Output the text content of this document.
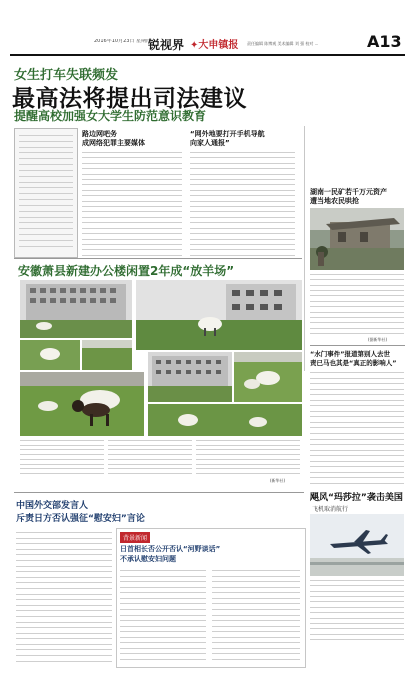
2016年10月23日 星期四
锐视界 ✦大申镇报 责任编辑 陈博观 美术编辑 刘 强 校对 ...	A13
女生打车失联频发
最高法将提出司法建议
提醒高校加强女大学生防范意识教育
路边网吧务
成网络犯罪主要媒体
“网外地要打开手机导航
向家人通报”
湖南一民矿若千万元资产
遭当地农民哄抢
(据新华社)
安徽萧县新建办公楼闲置2年成“放羊场”
(新华社)
“水门事件”报道第别人去世
责已马也其是“真正的影响人”
飓风“玛莎拉”袭击美国
飞机取消航行
中国外交部发言人
斥责日方否认强征“慰安妇”言论
背景新闻
日首相长否公开否认“河野谈话”
不承认慰安妇问题
